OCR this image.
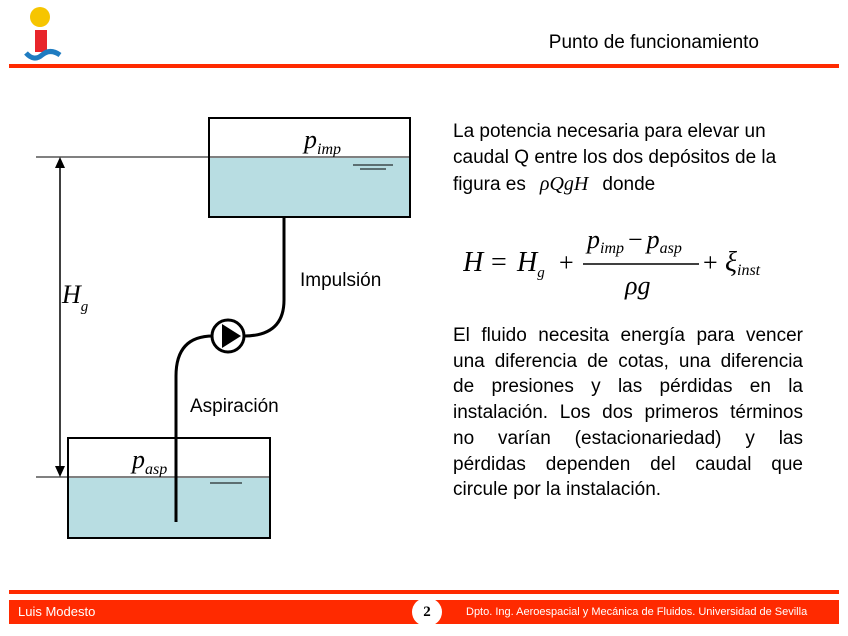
Punto de funcionamiento
$p_{imp}$
$p_{asp}$
$H_g$
Impulsión
Aspiración
La potencia necesaria para elevar un caudal Q entre los dos depósitos de la figura es ρQgH donde
$H = H_g$ +
pimp − pasp
ρg
+ ξinst
El fluido necesita energía para vencer una diferencia de cotas, una diferencia de presiones y las pérdidas en la instalación. Los dos primeros términos no varían (estacionariedad) y las pérdidas dependen del caudal que circule por la instalación.
Luis Modesto	2	Dpto. Ing. Aeroespacial y Mecánica de Fluidos. Universidad de Sevilla
